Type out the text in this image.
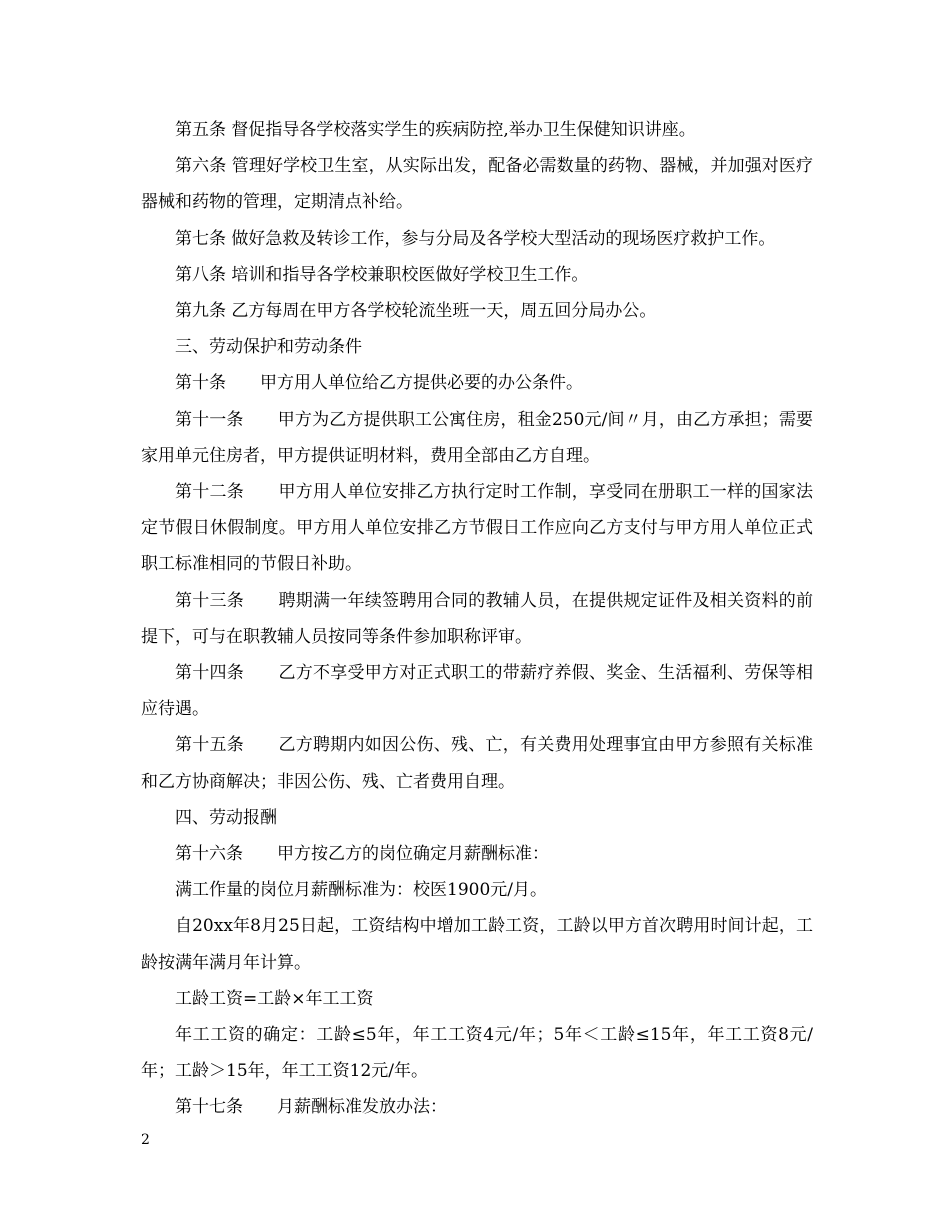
第五条 督促指导各学校落实学生的疾病防控,举办卫生保健知识讲座。

第六条 管理好学校卫生室，从实际出发，配备必需数量的药物、器械，并加强对医疗器械和药物的管理，定期清点补给。

第七条 做好急救及转诊工作，参与分局及各学校大型活动的现场医疗救护工作。

第八条 培训和指导各学校兼职校医做好学校卫生工作。

第九条 乙方每周在甲方各学校轮流坐班一天，周五回分局办公。

三、劳动保护和劳动条件

第十条　　甲方用人单位给乙方提供必要的办公条件。

第十一条　　甲方为乙方提供职工公寓住房，租金250元/间〃月，由乙方承担；需要家用单元住房者，甲方提供证明材料，费用全部由乙方自理。

第十二条　　甲方用人单位安排乙方执行定时工作制，享受同在册职工一样的国家法定节假日休假制度。甲方用人单位安排乙方节假日工作应向乙方支付与甲方用人单位正式职工标准相同的节假日补助。

第十三条　　聘期满一年续签聘用合同的教辅人员，在提供规定证件及相关资料的前提下，可与在职教辅人员按同等条件参加职称评审。

第十四条　　乙方不享受甲方对正式职工的带薪疗养假、奖金、生活福利、劳保等相应待遇。

第十五条　　乙方聘期内如因公伤、残、亡，有关费用处理事宜由甲方参照有关标准和乙方协商解决；非因公伤、残、亡者费用自理。

四、劳动报酬

第十六条　　甲方按乙方的岗位确定月薪酬标准：

满工作量的岗位月薪酬标准为：校医1900元/月。

自20xx年8月25日起，工资结构中增加工龄工资，工龄以甲方首次聘用时间计起，工龄按满年满月年计算。

工龄工资=工龄×年工工资

年工工资的确定：工龄≤5年，年工工资4元/年；5年＜工龄≤15年，年工工资8元/年；工龄＞15年，年工工资12元/年。

第十七条　　月薪酬标准发放办法：

2
